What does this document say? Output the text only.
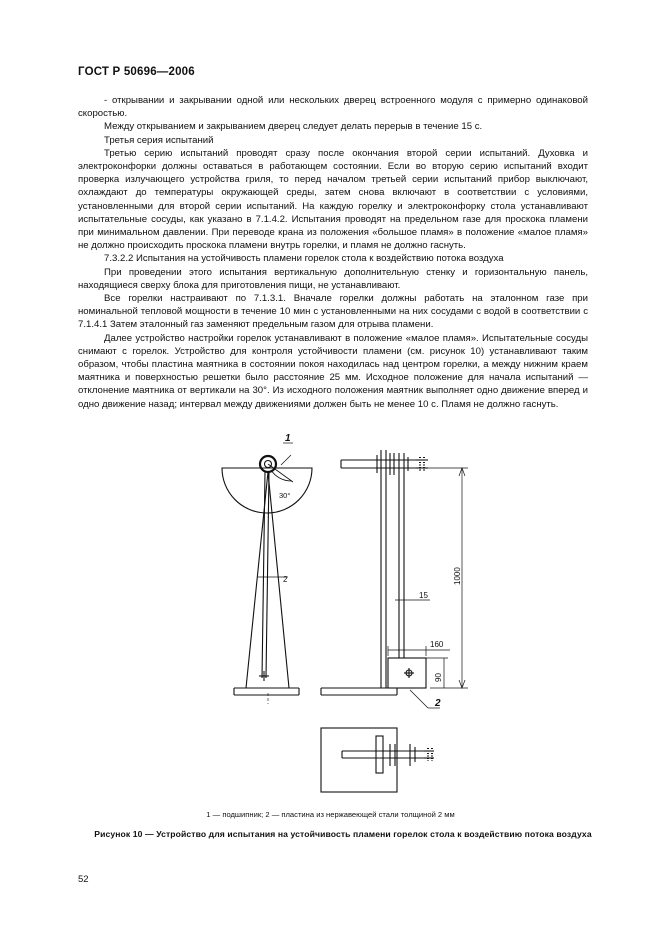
ГОСТ Р 50696—2006

- открывании и закрывании одной или нескольких дверец встроенного модуля с примерно одинаковой скоростью.

Между открыванием и закрыванием дверец следует делать перерыв в течение 15 с.

Третья серия испытаний

Третью серию испытаний проводят сразу после окончания второй серии испытаний. Духовка и электроконфорки должны оставаться в работающем состоянии. Если во вторую серию испытаний входит проверка излучающего устройства гриля, то перед началом третьей серии испытаний прибор выключают, охлаждают до температуры окружающей среды, затем снова включают в соответствии с условиями, установленными для второй серии испытаний. На каждую горелку и электроконфорку стола устанавливают испытательные сосуды, как указано в 7.1.4.2. Испытания проводят на предельном газе для проскока пламени при минимальном давлении. При переводе крана из положения «большое пламя» в положение «малое пламя» не должно происходить проскока пламени внутрь горелки, и пламя не должно гаснуть.

7.3.2.2 Испытания на устойчивость пламени горелок стола к воздействию потока воздуха

При проведении этого испытания вертикальную дополнительную стенку и горизонтальную панель, находящиеся сверху блока для приготовления пищи, не устанавливают.

Все горелки настраивают по 7.1.3.1. Вначале горелки должны работать на эталонном газе при номинальной тепловой мощности в течение 10 мин с установленными на них сосудами с водой в соответствии с 7.1.4.1 Затем эталонный газ заменяют предельным газом для отрыва пламени.

Далее устройство настройки горелок устанавливают в положение «малое пламя». Испытательные сосуды снимают с горелок. Устройство для контроля устойчивости пламени (см. рисунок 10) устанавливают таким образом, чтобы пластина маятника в состоянии покоя находилась над центром горелки, а между нижним краем маятника и поверхностью решетки было расстояние 25 мм. Исходное положение для начала испытаний — отклонение маятника от вертикали на 30°. Из исходного положения маятник выполняет одно движение вперед и одно движение назад; интервал между движениями должен быть не менее 10 с. Пламя не должно гаснуть.

1
30°
2	1000
15
160
90
2
1 — подшипник; 2 — пластина из нержавеющей стали толщиной 2 мм
Рисунок 10 — Устройство для испытания на устойчивость пламени горелок стола к воздействию потока воздуха
52
